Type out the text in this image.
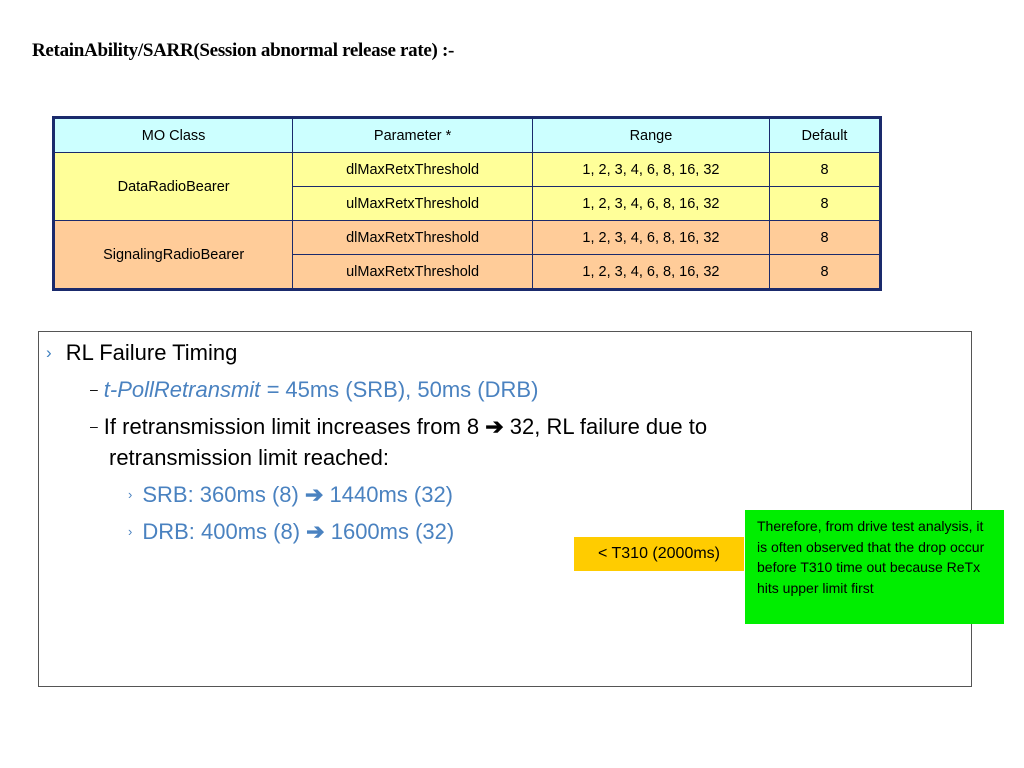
RetainAbility/SARR(Session abnormal release rate) :-
MO Class	Parameter *	Range	Default
DataRadioBearer	dlMaxRetxThreshold	1, 2, 3, 4, 6, 8, 16, 32	8
	ulMaxRetxThreshold	1, 2, 3, 4, 6, 8, 16, 32	8
SignalingRadioBearer	dlMaxRetxThreshold	1, 2, 3, 4, 6, 8, 16, 32	8
	ulMaxRetxThreshold	1, 2, 3, 4, 6, 8, 16, 32	8
› RL Failure Timing
– t-PollRetransmit = 45ms (SRB), 50ms (DRB)
– If retransmission limit increases from 8 ➔ 32, RL failure due to
retransmission limit reached:
› SRB: 360ms (8) ➔ 1440ms (32)
› DRB: 400ms (8) ➔ 1600ms (32)
< T310 (2000ms)
Therefore, from drive test analysis, it is often observed that the drop occur before T310 time out because ReTx hits upper limit first
